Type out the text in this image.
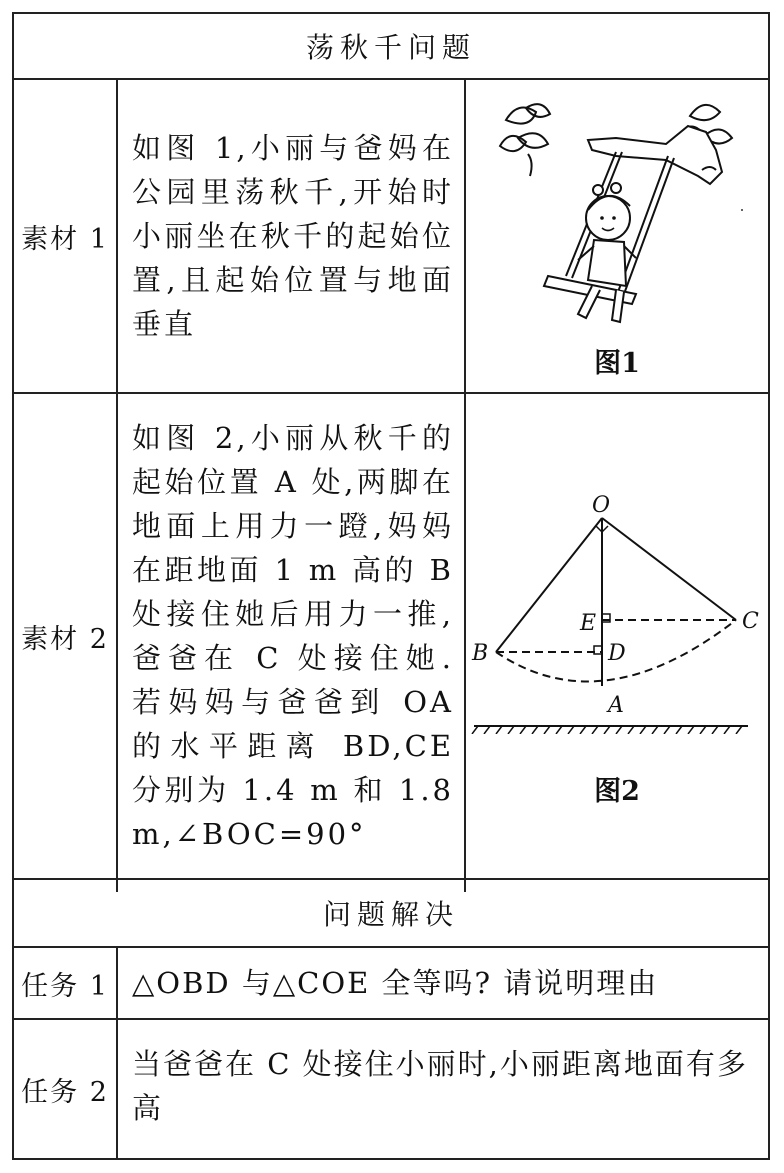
荡秋千问题
素材 1
如图 1,小丽与爸妈在公园里荡秋千,开始时小丽坐在秋千的起始位置,且起始位置与地面垂直
图1
素材 2
如图 2,小丽从秋千的起始位置 A 处,两脚在地面上用力一蹬,妈妈在距地面 1 m 高的 B 处接住她后用力一推,爸爸在 C 处接住她. 若妈妈与爸爸到 OA 的水平距离 BD,CE 分别为 1.4 m 和 1.8 m,∠BOC=90°
O
B
C
E
D
A
图2
问题解决
任务 1 △OBD 与△COE 全等吗? 请说明理由
任务 2
当爸爸在 C 处接住小丽时,小丽距离地面有多高
